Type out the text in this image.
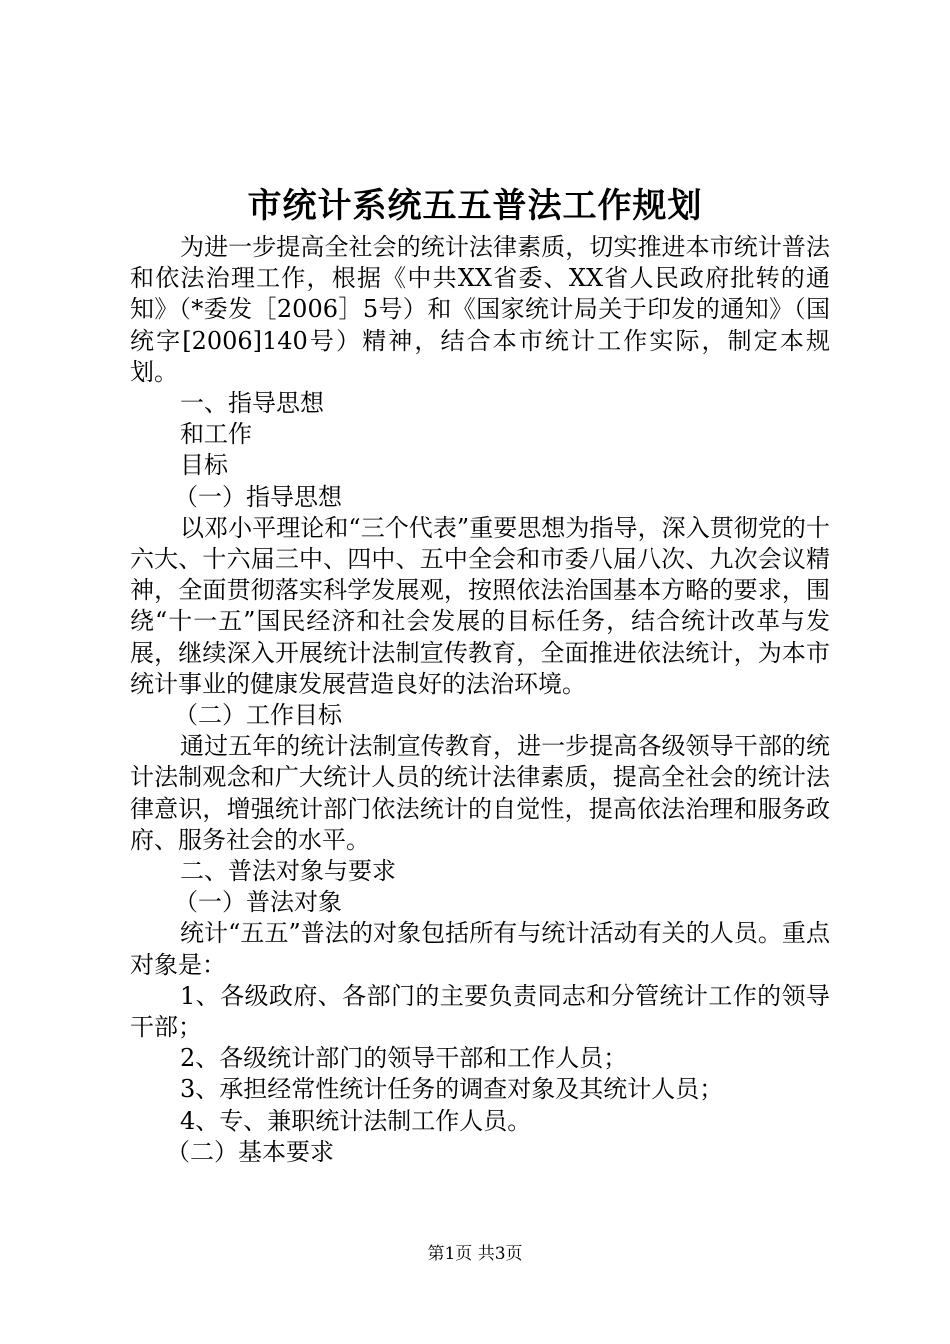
市统计系统五五普法工作规划

为进一步提高全社会的统计法律素质，切实推进本市统计普法和依法治理工作，根据《中共XX省委、XX省人民政府批转的通知》（*委发［2006］5号）和《国家统计局关于印发的通知》（国统字[2006]140号）精神，结合本市统计工作实际，制定本规划。

一、指导思想

和工作

目标

（一）指导思想

以邓小平理论和“三个代表”重要思想为指导，深入贯彻党的十六大、十六届三中、四中、五中全会和市委八届八次、九次会议精神，全面贯彻落实科学发展观，按照依法治国基本方略的要求，围绕“十一五”国民经济和社会发展的目标任务，结合统计改革与发展，继续深入开展统计法制宣传教育，全面推进依法统计，为本市统计事业的健康发展营造良好的法治环境。

（二）工作目标

通过五年的统计法制宣传教育，进一步提高各级领导干部的统计法制观念和广大统计人员的统计法律素质，提高全社会的统计法律意识，增强统计部门依法统计的自觉性，提高依法治理和服务政府、服务社会的水平。

二、普法对象与要求

（一）普法对象

统计“五五”普法的对象包括所有与统计活动有关的人员。重点对象是：

1、各级政府、各部门的主要负责同志和分管统计工作的领导干部；

2、各级统计部门的领导干部和工作人员；

3、承担经常性统计任务的调查对象及其统计人员；

4、专、兼职统计法制工作人员。

（二）基本要求

第1页 共3页
